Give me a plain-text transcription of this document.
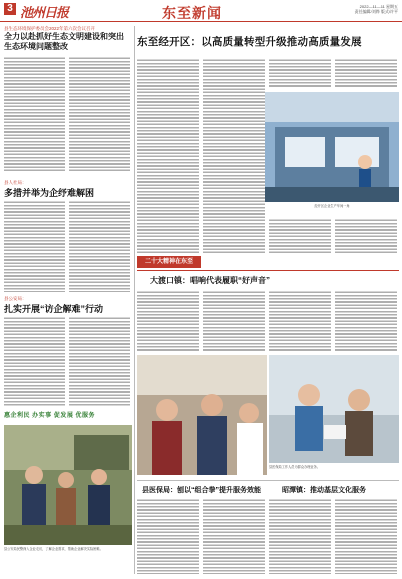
3 池州日报	东至新闻	2022—11—11 星期五
责任编辑/刘烨 版式/许平
县生态环境保护委员会2022年第六次会议召开
全力以赴抓好生态文明建设和突出生态环境问题整改
县人社局：
多措并举为企纾难解困
县公安局：
扎实开展“访企解难”行动
惠企利民 办实事 促发展 优服务
县公安局民警深入企业走访，了解企业需求，帮助企业解决实际困难。
东至经开区：以高质量转型升级推动高质量发展
经开区企业生产车间一角
二十大精神在东至
大渡口镇：唱响代表履职“好声音”
县医保局工作人员为群众办理业务。
县医保局：刨以“组合拳”提升服务效能	昭潭镇：推动基层文化服务
